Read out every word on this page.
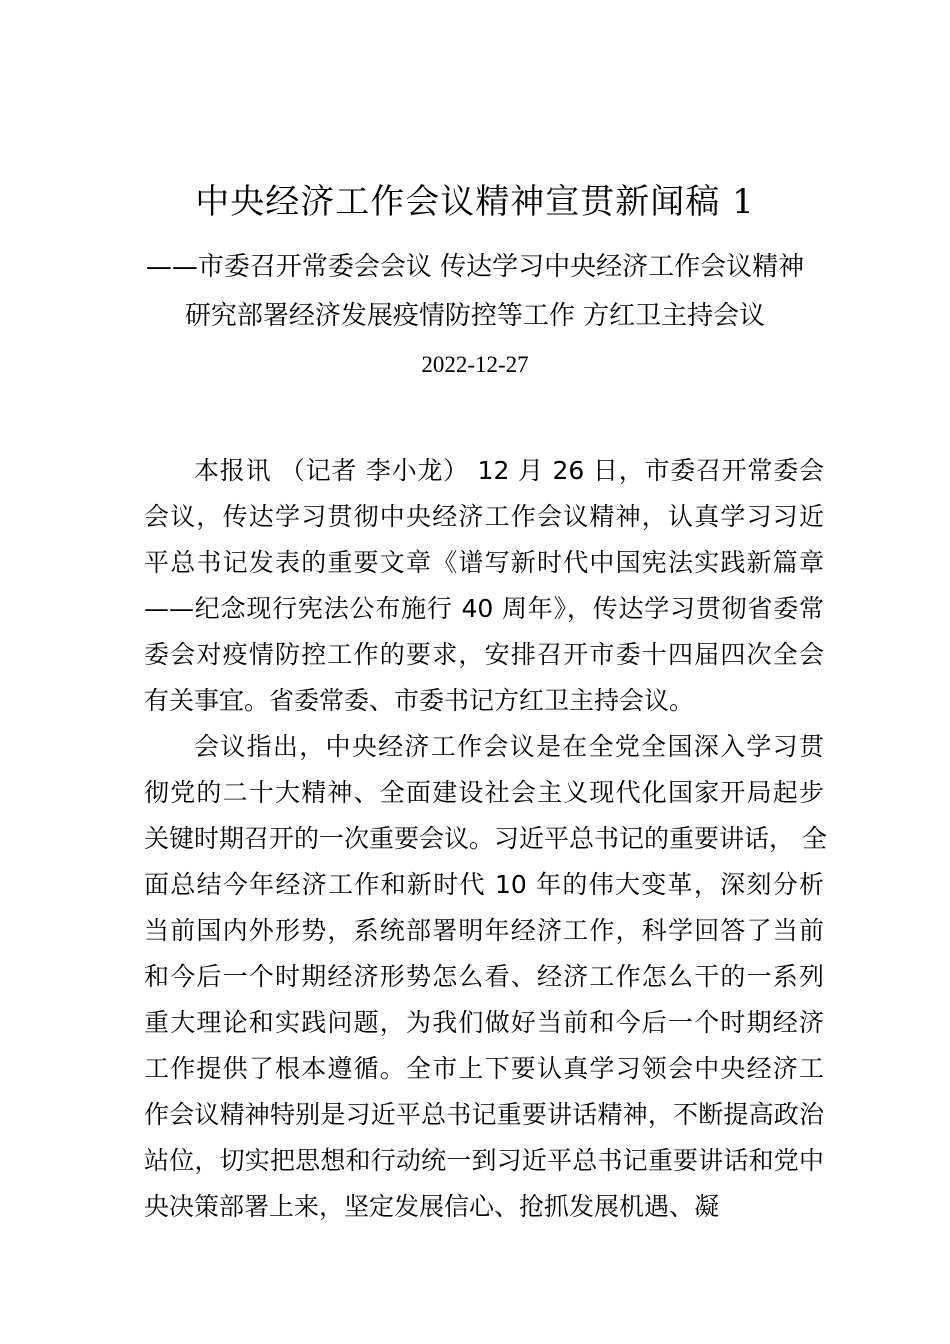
中央经济工作会议精神宣贯新闻稿 1
——市委召开常委会会议 传达学习中央经济工作会议精神
研究部署经济发展疫情防控等工作 方红卫主持会议
2022-12-27
本报讯 （记者 李小龙） 12 月 26 日，市委召开常委会
会议，传达学习贯彻中央经济工作会议精神，认真学习习近
平总书记发表的重要文章《谱写新时代中国宪法实践新篇章
——纪念现行宪法公布施行 40 周年》，传达学习贯彻省委常
委会对疫情防控工作的要求，安排召开市委十四届四次全会
有关事宜。省委常委、市委书记方红卫主持会议。
会议指出，中央经济工作会议是在全党全国深入学习贯
彻党的二十大精神、全面建设社会主义现代化国家开局起步
关键时期召开的一次重要会议。习近平总书记的重要讲话， 全
面总结今年经济工作和新时代 10 年的伟大变革，深刻分析
当前国内外形势，系统部署明年经济工作，科学回答了当前
和今后一个时期经济形势怎么看、经济工作怎么干的一系列
重大理论和实践问题，为我们做好当前和今后一个时期经济
工作提供了根本遵循。全市上下要认真学习领会中央经济工
作会议精神特别是习近平总书记重要讲话精神，不断提高政治
站位，切实把思想和行动统一到习近平总书记重要讲话和党中
央决策部署上来，坚定发展信心、抢抓发展机遇、凝
